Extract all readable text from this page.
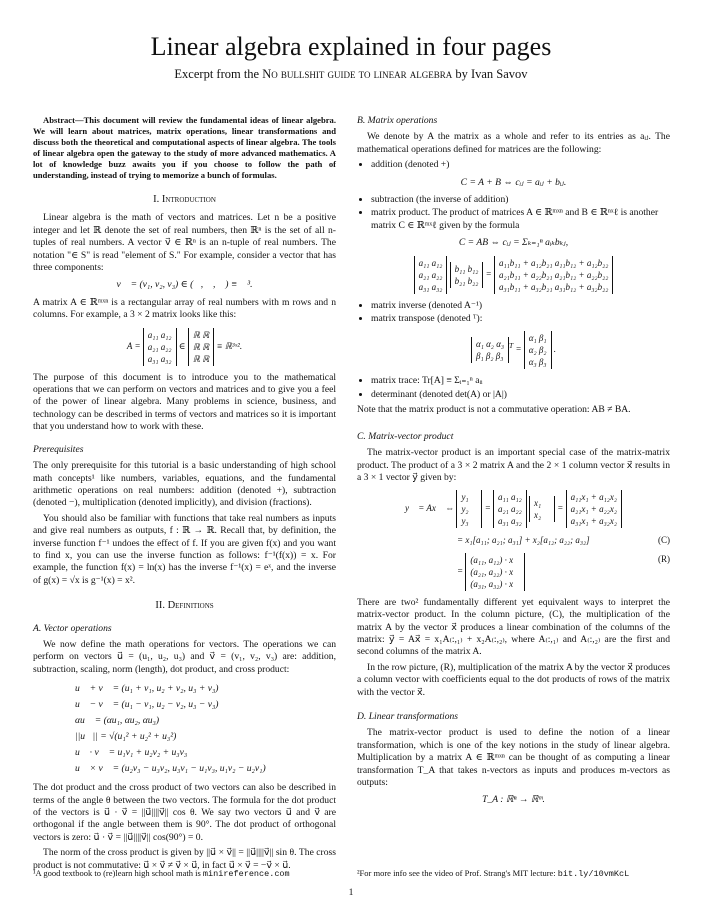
Linear algebra explained in four pages
Excerpt from the No bullshit guide to linear algebra by Ivan Savov

Abstract—This document will review the fundamental ideas of linear algebra. We will learn about matrices, matrix operations, linear transformations and discuss both the theoretical and computational aspects of linear algebra. The tools of linear algebra open the gateway to the study of more advanced mathematics. A lot of knowledge buzz awaits you if you choose to follow the path of understanding, instead of trying to memorize a bunch of formulas.

I. Introduction

Linear algebra is the math of vectors and matrices. Let n be a positive integer and let ℝ denote the set of real numbers, then ℝⁿ is the set of all n-tuples of real numbers. A vector v⃗ ∈ ℝⁿ is an n-tuple of real numbers. The notation "∈ S" is read "element of S." For example, consider a vector that has three components:

v⃗ = (v₁, v₂, v₃) ∈ (ℝ, ℝ, ℝ) ≡ ℝ³.

A matrix A ∈ ℝᵐˣⁿ is a rectangular array of real numbers with m rows and n columns. For example, a 3 × 2 matrix looks like this:

A = a₁₁ a₁₂
a₂₁ a₂₂
a₃₁ a₃₂ ∈ ℝ ℝ
ℝ ℝ
ℝ ℝ ≡ ℝ³ˣ².

The purpose of this document is to introduce you to the mathematical operations that we can perform on vectors and matrices and to give you a feel of the power of linear algebra. Many problems in science, business, and technology can be described in terms of vectors and matrices so it is important that you understand how to work with these.

Prerequisites

The only prerequisite for this tutorial is a basic understanding of high school math concepts¹ like numbers, variables, equations, and the fundamental arithmetic operations on real numbers: addition (denoted +), subtraction (denoted −), multiplication (denoted implicitly), and division (fractions).

You should also be familiar with functions that take real numbers as inputs and give real numbers as outputs, f : ℝ → ℝ. Recall that, by definition, the inverse function f⁻¹ undoes the effect of f. If you are given f(x) and you want to find x, you can use the inverse function as follows: f⁻¹(f(x)) = x. For example, the function f(x) = ln(x) has the inverse f⁻¹(x) = eˣ, and the inverse of g(x) = √x is g⁻¹(x) = x².

II. Definitions
A. Vector operations

We now define the math operations for vectors. The operations we can perform on vectors u⃗ = (u₁, u₂, u₃) and v⃗ = (v₁, v₂, v₃) are: addition, subtraction, scaling, norm (length), dot product, and cross product:

u⃗ + v⃗ = (u₁ + v₁, u₂ + v₂, u₃ + v₃)
u⃗ − v⃗ = (u₁ − v₁, u₂ − v₂, u₃ − v₃)
αu⃗ = (αu₁, αu₂, αu₃)
||u⃗|| = √(u₁² + u₂² + u₃²)
u⃗ · v⃗ = u₁v₁ + u₂v₂ + u₃v₃
u⃗ × v⃗ = (u₂v₃ − u₃v₂, u₃v₁ − u₁v₃, u₁v₂ − u₂v₁)

The dot product and the cross product of two vectors can also be described in terms of the angle θ between the two vectors. The formula for the dot product of the vectors is u⃗ · v⃗ = ||u⃗||||v⃗|| cos θ. We say two vectors u⃗ and v⃗ are orthogonal if the angle between them is 90°. The dot product of orthogonal vectors is zero: u⃗ · v⃗ = ||u⃗||||v⃗|| cos(90°) = 0.

The norm of the cross product is given by ||u⃗ × v⃗|| = ||u⃗||||v⃗|| sin θ. The cross product is not commutative: u⃗ × v⃗ ≠ v⃗ × u⃗, in fact u⃗ × v⃗ = −v⃗ × u⃗.

B. Matrix operations

We denote by A the matrix as a whole and refer to its entries as aᵢⱼ. The mathematical operations defined for matrices are the following:

• addition (denoted +)
C = A + B ⇔ cᵢⱼ = aᵢⱼ + bᵢⱼ.
• subtraction (the inverse of addition)
• matrix product. The product of matrices A ∈ ℝᵐˣⁿ and B ∈ ℝⁿˣℓ is another matrix C ∈ ℝᵐˣℓ given by the formula
C = AB ⇔ cᵢⱼ = Σₖ₌₁ⁿ aᵢₖbₖⱼ,
a₁₁ a₁₂
a₂₁ a₂₂
a₃₁ a₃₂ b₁₁ b₁₂
b₂₁ b₂₂ = a₁₁b₁₁ + a₁₂b₂₁ a₁₁b₁₂ + a₁₂b₂₂
a₂₁b₁₁ + a₂₂b₂₁ a₂₁b₁₂ + a₂₂b₂₂
a₃₁b₁₁ + a₃₂b₂₁ a₃₁b₁₂ + a₃₂b₂₂
• matrix inverse (denoted A⁻¹)
• matrix transpose (denoted ᵀ):
α₁ α₂ α₃
β₁ β₂ β₃$^T$ = α₁ β₁
α₂ β₂
α₃ β₃ .
• matrix trace: Tr[A] ≡ Σᵢ₌₁ⁿ aᵢᵢ
• determinant (denoted det(A) or |A|)

Note that the matrix product is not a commutative operation: AB ≠ BA.

C. Matrix-vector product

The matrix-vector product is an important special case of the matrix-matrix product. The product of a 3 × 2 matrix A and the 2 × 1 column vector x⃗ results in a 3 × 1 vector y⃗ given by:

y⃗ = Ax⃗ ⇔ y₁
y₂
y₃ = a₁₁ a₁₂
a₂₁ a₂₂
a₃₁ a₃₂ x₁
x₂ = a₁₁x₁ + a₁₂x₂
a₂₁x₁ + a₂₂x₂
a₃₁x₁ + a₃₂x₂
= x₁[a₁₁; a₂₁; a₃₁] + x₂[a₁₂; a₂₂; a₃₂]	(C)
= (a₁₁, a₁₂) · x⃗
(a₂₁, a₂₂) · x⃗
(a₃₁, a₃₂) · x⃗
(R)

There are two² fundamentally different yet equivalent ways to interpret the matrix-vector product. In the column picture, (C), the multiplication of the matrix A by the vector x⃗ produces a linear combination of the columns of the matrix: y⃗ = Ax⃗ = x₁A₍:,₁₎ + x₂A₍:,₂₎, where A₍:,₁₎ and A₍:,₂₎ are the first and second columns of the matrix A.

In the row picture, (R), multiplication of the matrix A by the vector x⃗ produces a column vector with coefficients equal to the dot products of rows of the matrix with the vector x⃗.

D. Linear transformations

The matrix-vector product is used to define the notion of a linear transformation, which is one of the key notions in the study of linear algebra. Multiplication by a matrix A ∈ ℝᵐˣⁿ can be thought of as computing a linear transformation T_A that takes n-vectors as inputs and produces m-vectors as outputs:

T_A : ℝⁿ → ℝᵐ.
¹A good textbook to (re)learn high school math is minireference.com	²For more info see the video of Prof. Strang's MIT lecture: bit.ly/10vmKcL
1
